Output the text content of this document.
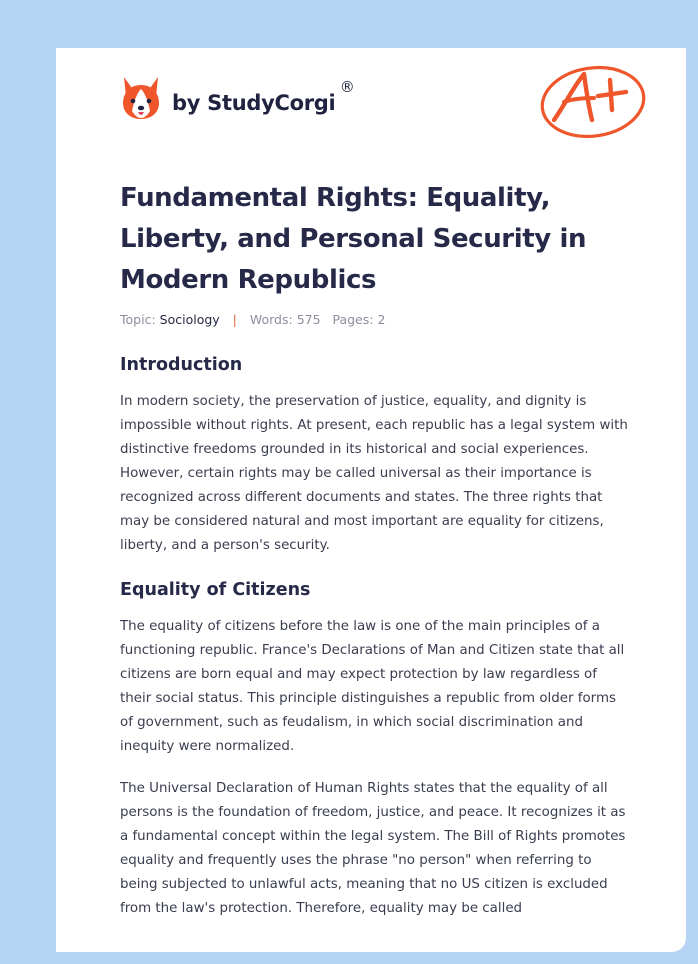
by StudyCorgi
®
Fundamental Rights: Equality, Liberty, and Personal Security in Modern Republics
Topic: Sociology | Words: 575 Pages: 2
Introduction

In modern society, the preservation of justice, equality, and dignity is impossible without rights. At present, each republic has a legal system with distinctive freedoms grounded in its historical and social experiences. However, certain rights may be called universal as their importance is recognized across different documents and states. The three rights that may be considered natural and most important are equality for citizens, liberty, and a person's security.

Equality of Citizens

The equality of citizens before the law is one of the main principles of a functioning republic. France's Declarations of Man and Citizen state that all citizens are born equal and may expect protection by law regardless of their social status. This principle distinguishes a republic from older forms of government, such as feudalism, in which social discrimination and inequity were normalized.

The Universal Declaration of Human Rights states that the equality of all persons is the foundation of freedom, justice, and peace. It recognizes it as a fundamental concept within the legal system. The Bill of Rights promotes equality and frequently uses the phrase "no person" when referring to being subjected to unlawful acts, meaning that no US citizen is excluded from the law's protection. Therefore, equality may be called
